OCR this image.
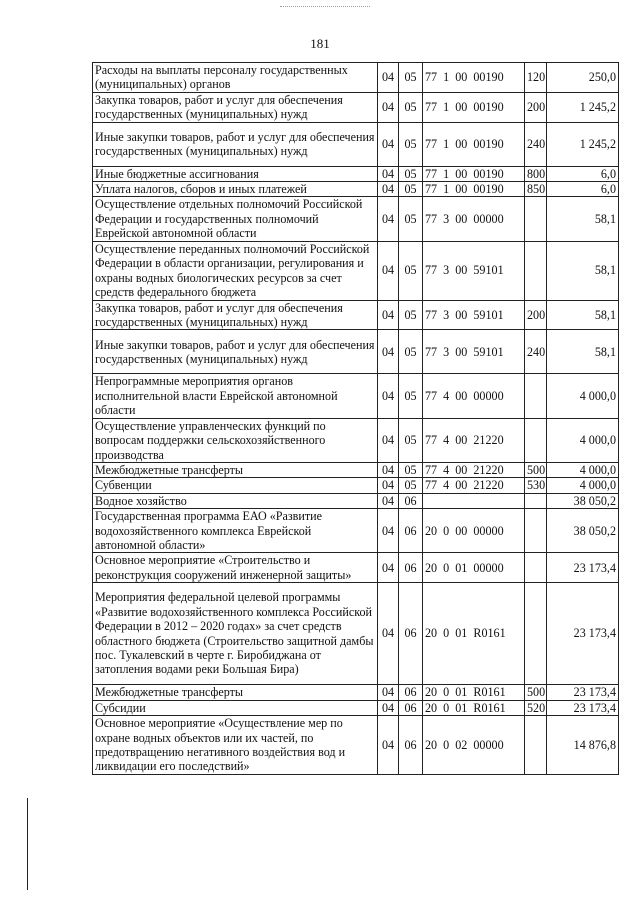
181
Расходы на выплаты персоналу государственных (муниципальных) органов	04	05	77  1  00  00190	120	250,0
Закупка товаров, работ и услуг для обеспечения государственных (муниципальных) нужд	04	05	77  1  00  00190	200	1 245,2
Иные закупки товаров, работ и услуг для обеспечения государственных (муниципальных) нужд	04	05	77  1  00  00190	240	1 245,2
Иные бюджетные ассигнования	04	05	77  1  00  00190	800	6,0
Уплата налогов, сборов и иных платежей	04	05	77  1  00  00190	850	6,0
Осуществление отдельных полномочий Российской Федерации и государственных полномочий Еврейской автономной области	04	05	77  3  00  00000		58,1
Осуществление переданных полномочий Российской Федерации в области организации, регулирования и охраны водных биологических ресурсов за счет средств федерального бюджета	04	05	77  3  00  59101		58,1
Закупка товаров, работ и услуг для обеспечения государственных (муниципальных) нужд	04	05	77  3  00  59101	200	58,1
Иные закупки товаров, работ и услуг для обеспечения государственных (муниципальных) нужд	04	05	77  3  00  59101	240	58,1
Непрограммные мероприятия органов исполнительной власти Еврейской автономной области	04	05	77  4  00  00000		4 000,0
Осуществление управленческих функций по вопросам поддержки сельскохозяйственного производства	04	05	77  4  00  21220		4 000,0
Межбюджетные трансферты	04	05	77  4  00  21220	500	4 000,0
Субвенции	04	05	77  4  00  21220	530	4 000,0
Водное хозяйство	04	06			38 050,2
Государственная программа ЕАО «Развитие водохозяйственного комплекса Еврейской автономной области»	04	06	20  0  00  00000		38 050,2
Основное мероприятие «Строительство и реконструкция сооружений инженерной защиты»	04	06	20  0  01  00000		23 173,4
Мероприятия федеральной целевой программы «Развитие водохозяйственного комплекса Российской Федерации в 2012 – 2020 годах» за счет средств областного бюджета (Строительство защитной дамбы пос. Тукалевский в черте г. Биробиджана от затопления водами реки Большая Бира)	04	06	20  0  01  R0161		23 173,4
Межбюджетные трансферты	04	06	20  0  01  R0161	500	23 173,4
Субсидии	04	06	20  0  01  R0161	520	23 173,4
Основное мероприятие «Осуществление мер по охране водных объектов или их частей, по предотвращению негативного воздействия вод и ликвидации его последствий»	04	06	20  0  02  00000		14 876,8
